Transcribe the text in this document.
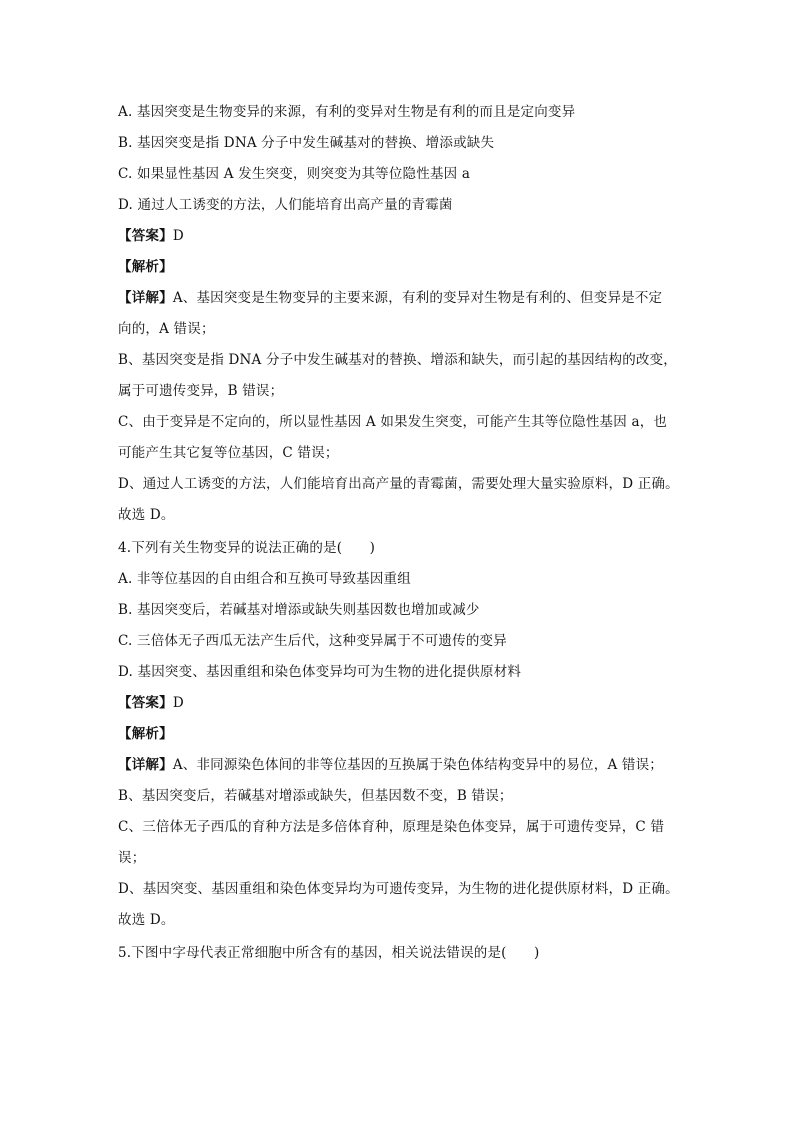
A. 基因突变是生物变异的来源，有利的变异对生物是有利的而且是定向变异
B. 基因突变是指 DNA 分子中发生碱基对的替换、增添或缺失
C. 如果显性基因 A 发生突变，则突变为其等位隐性基因 a
D. 通过人工诱变的方法，人们能培育出高产量的青霉菌
【答案】D
【解析】
【详解】A、基因突变是生物变异的主要来源，有利的变异对生物是有利的、但变异是不定
向的，A 错误；
B、基因突变是指 DNA 分子中发生碱基对的替换、增添和缺失，而引起的基因结构的改变，
属于可遗传变异，B 错误；
C、由于变异是不定向的，所以显性基因 A 如果发生突变，可能产生其等位隐性基因 a，也
可能产生其它复等位基因，C 错误；
D、通过人工诱变的方法，人们能培育出高产量的青霉菌，需要处理大量实验原料，D 正确。
故选 D。
4.下列有关生物变异的说法正确的是(　　)
A. 非等位基因的自由组合和互换可导致基因重组
B. 基因突变后，若碱基对增添或缺失则基因数也增加或减少
C. 三倍体无子西瓜无法产生后代，这种变异属于不可遗传的变异
D. 基因突变、基因重组和染色体变异均可为生物的进化提供原材料
【答案】D
【解析】
【详解】A、非同源染色体间的非等位基因的互换属于染色体结构变异中的易位，A 错误；
B、基因突变后，若碱基对增添或缺失，但基因数不变，B 错误；
C、三倍体无子西瓜的育种方法是多倍体育种，原理是染色体变异，属于可遗传变异，C 错
误；
D、基因突变、基因重组和染色体变异均为可遗传变异，为生物的进化提供原材料，D 正确。
故选 D。
5.下图中字母代表正常细胞中所含有的基因，相关说法错误的是(　　)
